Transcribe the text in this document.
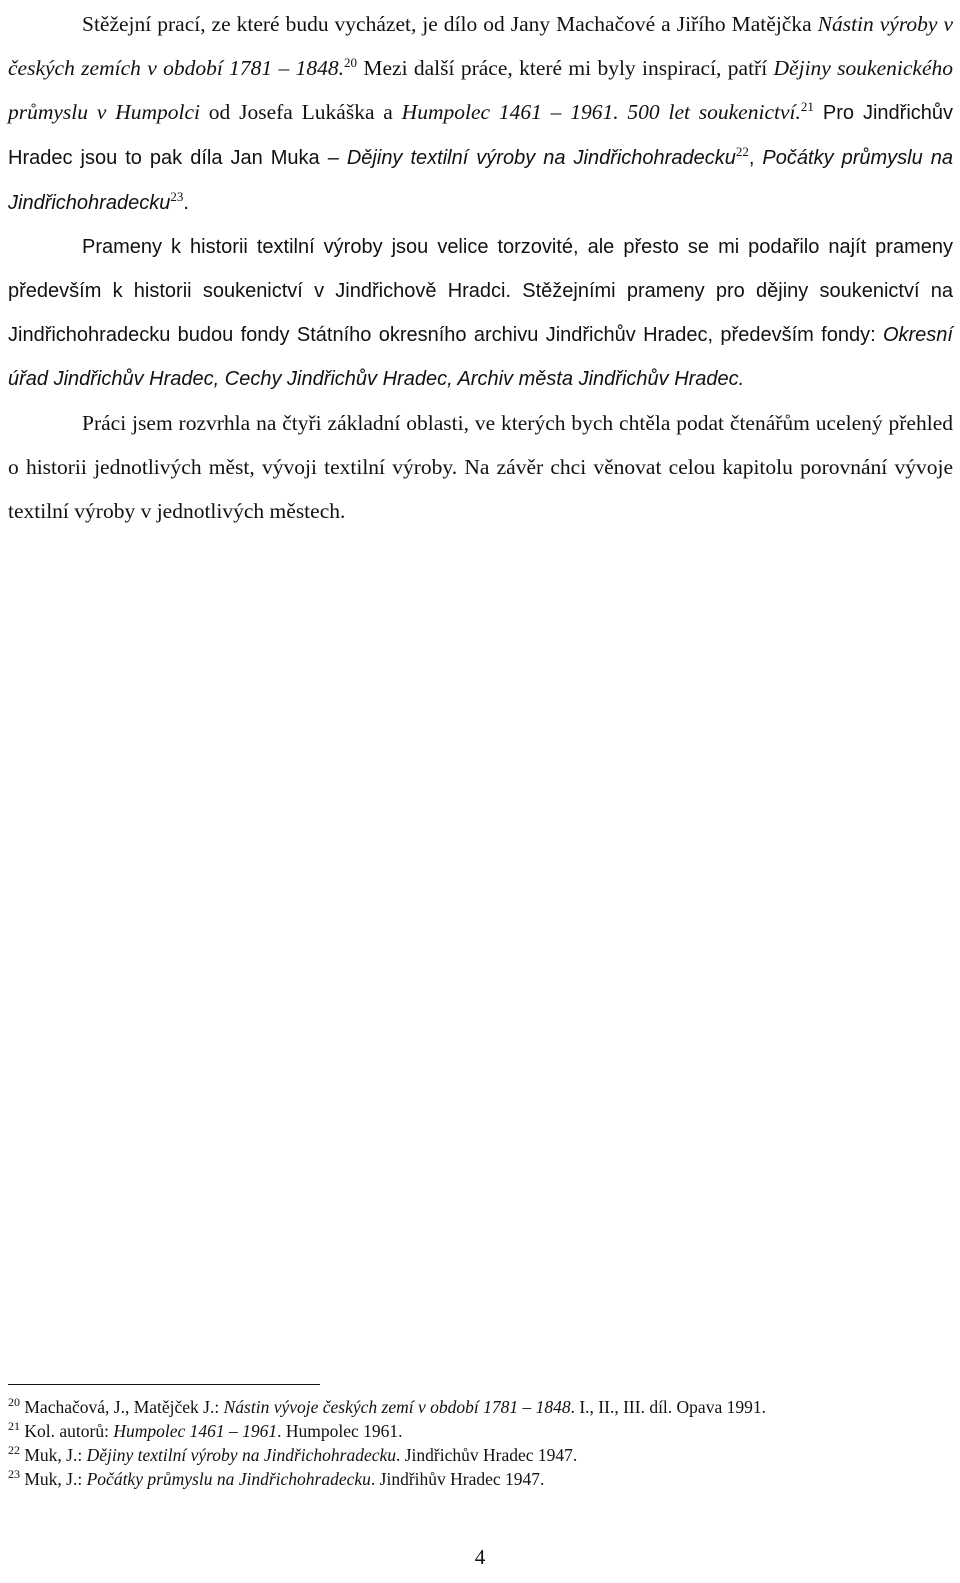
Stěžejní prací, ze které budu vycházet, je dílo od Jany Machačové a Jiřího Matějčka Nástin výroby v českých zemích v období 1781 – 1848.20 Mezi další práce, které mi byly inspirací, patří Dějiny soukenického průmyslu v Humpolci od Josefa Lukáška a Humpolec 1461 – 1961. 500 let soukenictví.$^{21}$ Pro Jindřichův Hradec jsou to pak díla Jan Muka – Dějiny textilní výroby na Jindřichohradecku$^{22}$, Počátky průmyslu na Jindřichohradecku$^{23}$.

Prameny k historii textilní výroby jsou velice torzovité, ale přesto se mi podařilo najít prameny především k historii soukenictví v Jindřichově Hradci. Stěžejními prameny pro dějiny soukenictví na Jindřichohradecku budou fondy Státního okresního archivu Jindřichův Hradec, především fondy: Okresní úřad Jindřichův Hradec, Cechy Jindřichův Hradec, Archiv města Jindřichův Hradec.

Práci jsem rozvrhla na čtyři základní oblasti, ve kterých bych chtěla podat čtenářům ucelený přehled o historii jednotlivých měst, vývoji textilní výroby. Na závěr chci věnovat celou kapitolu porovnání vývoje textilní výroby v jednotlivých městech.

$^{20}$ Machačová, J., Matějček J.: Nástin vývoje českých zemí v období 1781 – 1848. I., II., III. díl. Opava 1991.
$^{21}$ Kol. autorů: Humpolec 1461 – 1961. Humpolec 1961.
$^{22}$ Muk, J.: Dějiny textilní výroby na Jindřichohradecku. Jindřichův Hradec 1947.
$^{23}$ Muk, J.: Počátky průmyslu na Jindřichohradecku. Jindřihův Hradec 1947.
4
